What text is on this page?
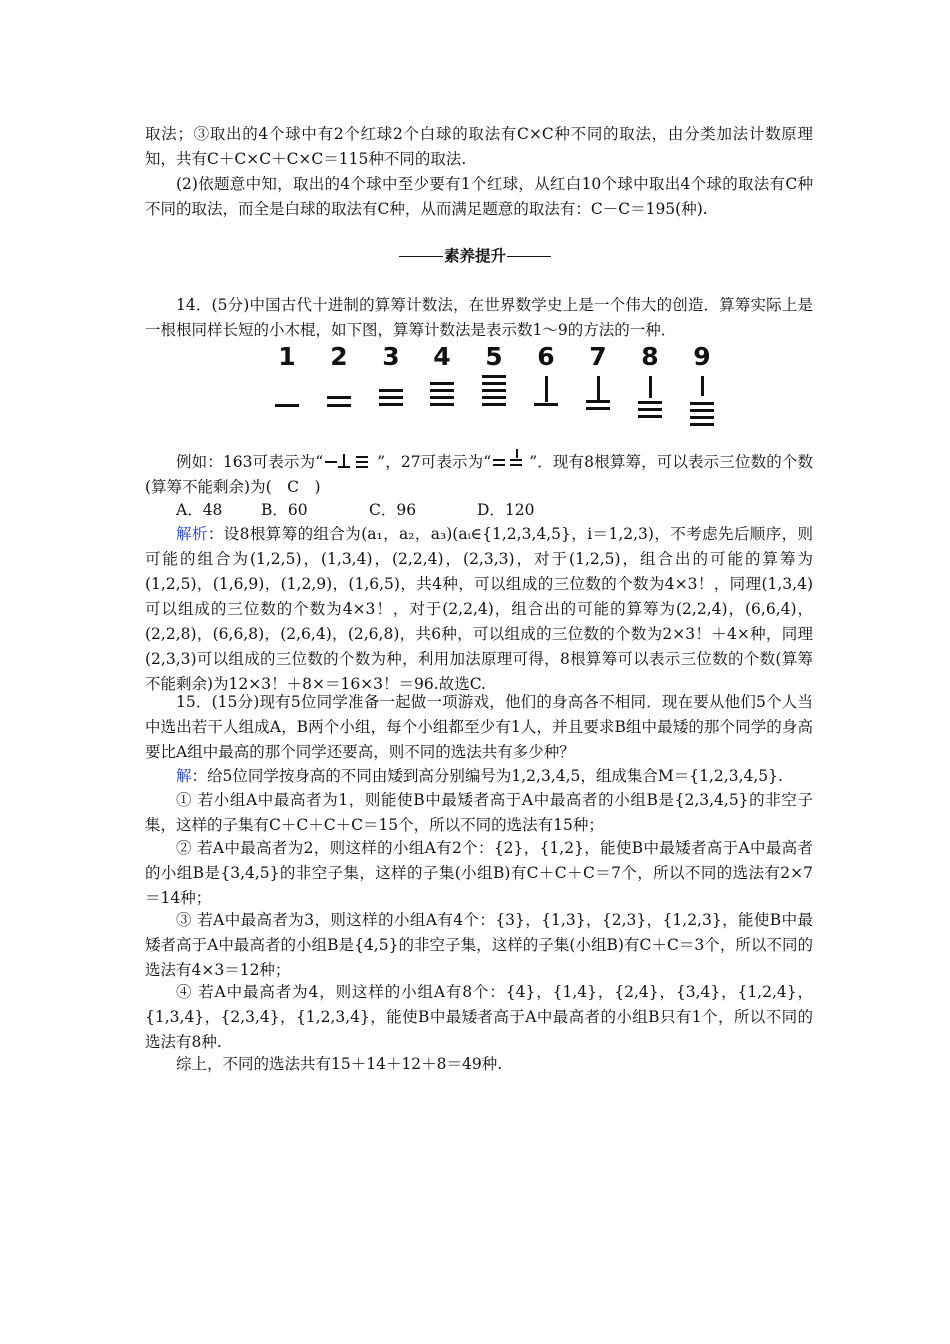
取法；③取出的4个球中有2个红球2个白球的取法有C×C种不同的取法，由分类加法计数原理知，共有C＋C×C＋C×C＝115种不同的取法.

(2)依题意中知，取出的4个球中至少要有1个红球，从红白10个球中取出4个球的取法有C种不同的取法，而全是白球的取法有C种，从而满足题意的取法有：C－C＝195(种).

素养提升

14．(5分)中国古代十进制的算筹计数法，在世界数学史上是一个伟大的创造．算筹实际上是一根根同样长短的小木棍，如下图，算筹计数法是表示数1～9的方法的一种．

1	2	3	4	5	6	7	8	9

例如：163可表示为“	”，27可表示为“ ”．现有8根算筹，可以表示三位数的个数(算筹不能剩余)为(　C　)

A．48 B．60	C．96	D．120

解析：设8根算筹的组合为(a₁，a₂，a₃)(aᵢ∈{1,2,3,4,5}，i＝1,2,3)，不考虑先后顺序，则可能的组合为(1,2,5)，(1,3,4)，(2,2,4)，(2,3,3)，对于(1,2,5)，组合出的可能的算筹为(1,2,5)，(1,6,9)，(1,2,9)，(1,6,5)，共4种，可以组成的三位数的个数为4×3！，同理(1,3,4)可以组成的三位数的个数为4×3！，对于(2,2,4)，组合出的可能的算筹为(2,2,4)，(6,6,4)，(2,2,8)，(6,6,8)，(2,6,4)，(2,6,8)，共6种，可以组成的三位数的个数为2×3！＋4×种，同理(2,3,3)可以组成的三位数的个数为种，利用加法原理可得，8根算筹可以表示三位数的个数(算筹不能剩余)为12×3！＋8×＝16×3！＝96.故选C.

15．(15分)现有5位同学准备一起做一项游戏，他们的身高各不相同．现在要从他们5个人当中选出若干人组成A，B两个小组，每个小组都至少有1人，并且要求B组中最矮的那个同学的身高要比A组中最高的那个同学还要高，则不同的选法共有多少种？

解：给5位同学按身高的不同由矮到高分别编号为1,2,3,4,5，组成集合M＝{1,2,3,4,5}.

① 若小组A中最高者为1，则能使B中最矮者高于A中最高者的小组B是{2,3,4,5}的非空子集，这样的子集有C＋C＋C＋C＝15个，所以不同的选法有15种；

② 若A中最高者为2，则这样的小组A有2个：{2}，{1,2}，能使B中最矮者高于A中最高者的小组B是{3,4,5}的非空子集，这样的子集(小组B)有C＋C＋C＝7个，所以不同的选法有2×7＝14种；

③ 若A中最高者为3，则这样的小组A有4个：{3}，{1,3}，{2,3}，{1,2,3}，能使B中最矮者高于A中最高者的小组B是{4,5}的非空子集，这样的子集(小组B)有C＋C＝3个，所以不同的选法有4×3＝12种；

④ 若A中最高者为4，则这样的小组A有8个：{4}，{1,4}，{2,4}，{3,4}，{1,2,4}，{1,3,4}，{2,3,4}，{1,2,3,4}，能使B中最矮者高于A中最高者的小组B只有1个，所以不同的选法有8种.

综上，不同的选法共有15＋14＋12＋8＝49种.
